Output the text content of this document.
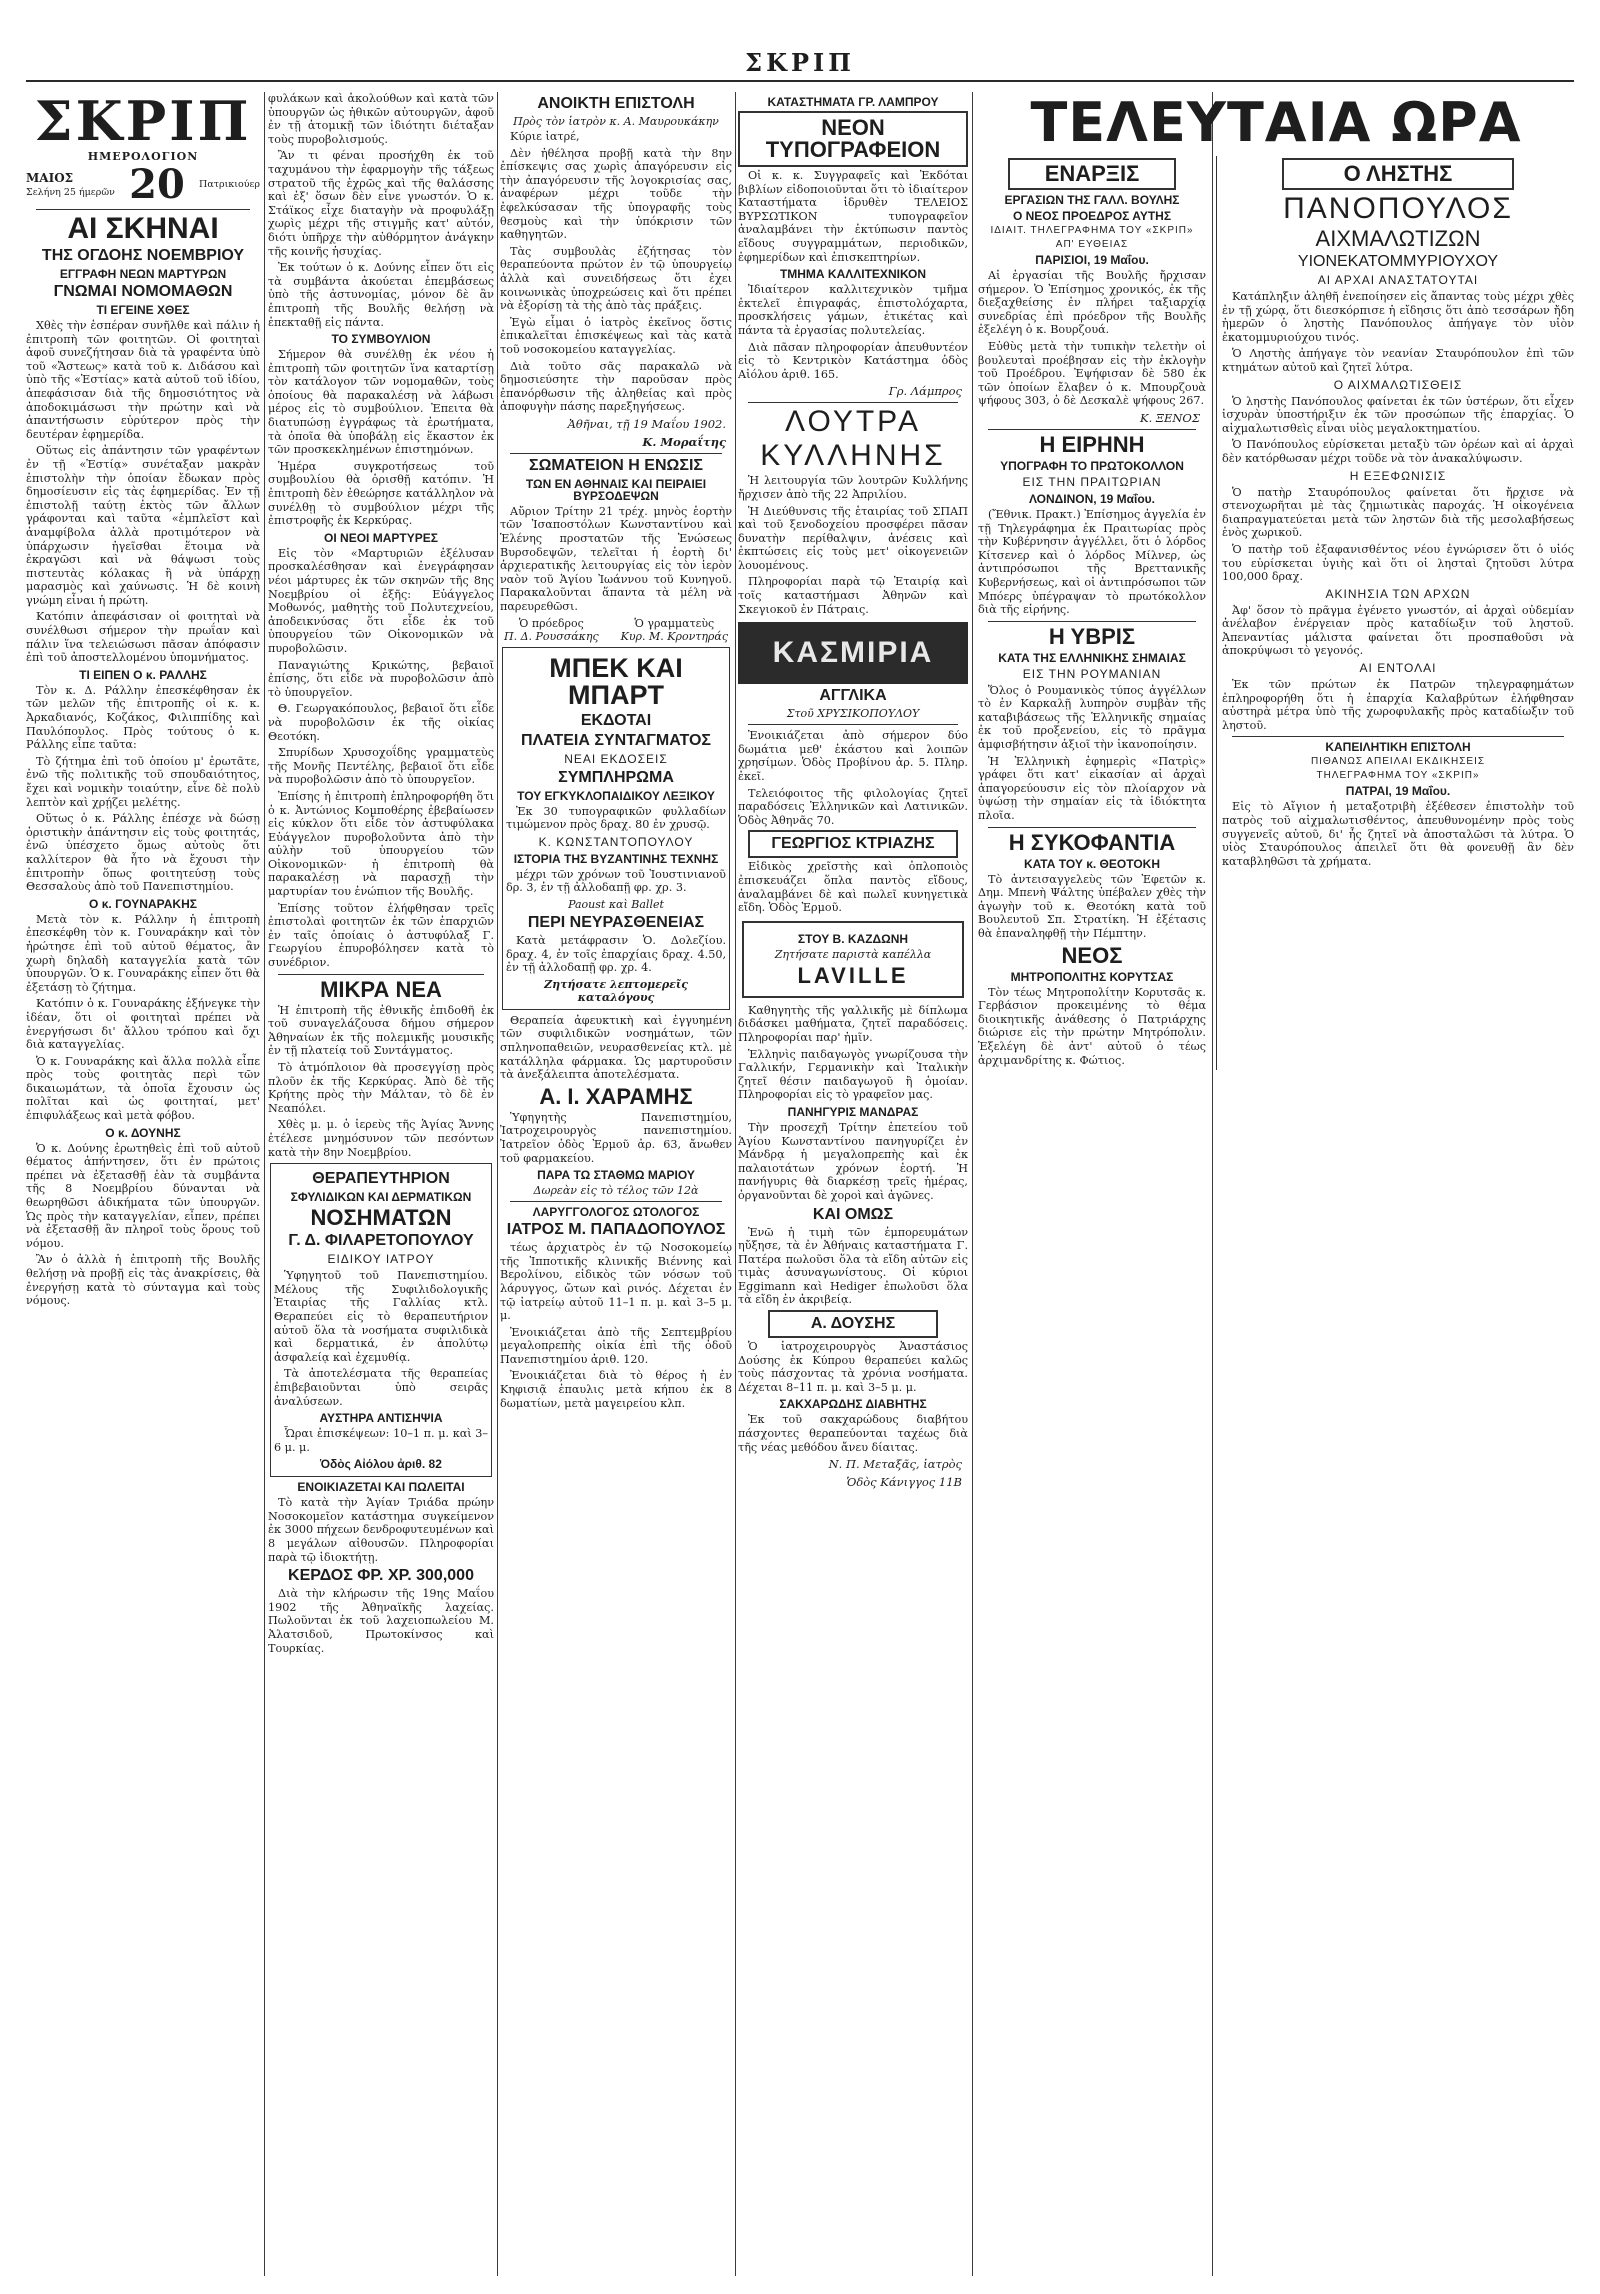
ΣΚΡΙΠ
ΣΚΡΙΠ
ΗΜΕΡΟΛΟΓΙΟΝ
ΜΑΙΟΣ
Σελήνη 25 ήμερῶν 20 Πατρικιούερ
ΑΙ ΣΚΗΝΑΙ
ΤΗΣ ΟΓΔΟΗΣ ΝΟΕΜΒΡΙΟΥ
ΕΓΓΡΑΦΗ ΝΕΩΝ ΜΑΡΤΥΡΩΝ
ΓΝΩΜΑΙ ΝΟΜΟΜΑΘΩΝ
ΤΙ ΕΓΕΙΝΕ ΧΘΕΣ

Χθὲς τὴν ἑσπέραν συνῆλθε καὶ πάλιν ἡ ἐπιτροπὴ τῶν φοιτητῶν. Οἱ φοιτηταὶ ἀφοῦ συνεζήτησαν διὰ τὰ γραφέντα ὑπὸ τοῦ «Ἄστεως» κατὰ τοῦ κ. Διδάσου καὶ ὑπὸ τῆς «Ἑστίας» κατὰ αὐτοῦ τοῦ ἰδίου, ἀπεφάσισαν διὰ τῆς δημοσιότητος νὰ ἀποδοκιμάσωσι τὴν πρώτην καὶ νὰ ἀπαντήσωσιν εὐρύτερον πρὸς τὴν δευτέραν ἐφημερίδα.

Οὕτως εἰς ἀπάντησιν τῶν γραφέντων ἐν τῇ «Ἑστίᾳ» συνέταξαν μακρὰν ἐπιστολὴν τὴν ὁποίαν ἔδωκαν πρὸς δημοσίευσιν εἰς τὰς ἐφημερίδας. Ἐν τῇ ἐπιστολῇ ταύτῃ ἐκτὸς τῶν ἄλλων γράφονται καὶ ταῦτα «ἐμπλεῖστ καὶ ἀναμφίβολα ἀλλὰ προτιμότερον νὰ ὑπάρχωσιν ἡγεῖσθαι ἕτοιμα νὰ ἐκραγῶσι καὶ νὰ θάψωσι τοὺς πιστευτὰς κόλακας ἢ νὰ ὑπάρχῃ μαρασμὸς καὶ χαύνωσις. Ἡ δὲ κοινὴ γνώμη εἶναι ἡ πρώτη.

Κατόπιν ἀπεφάσισαν οἱ φοιτηταὶ νὰ συνέλθωσι σήμερον τὴν πρωΐαν καὶ πάλιν ἵνα τελειώσωσι πᾶσαν ἀπόφασιν ἐπὶ τοῦ ἀποστελλομένου ὑπομνήματος.

ΤΙ ΕΙΠΕΝ Ο κ. ΡΑΛΛΗΣ

Τὸν κ. Δ. Ράλλην ἐπεσκέφθησαν ἐκ τῶν μελῶν τῆς ἐπιτροπῆς οἱ κ. κ. Ἀρκαδιανός, Κοζάκος, Φιλιππίδης καὶ Παυλόπουλος. Πρὸς τούτους ὁ κ. Ράλλης εἶπε ταῦτα:

Τὸ ζήτημα ἐπὶ τοῦ ὁποίου μ' ἐρωτᾶτε, ἐνῶ τῆς πολιτικῆς τοῦ σπουδαιότητος, ἔχει καὶ νομικὴν τοιαύτην, εἶνε δὲ πολὺ λεπτὸν καὶ χρῄζει μελέτης.

Οὕτως ὁ κ. Ράλλης ἐπέσχε νὰ δώσῃ ὁριστικὴν ἀπάντησιν εἰς τοὺς φοιτητάς, ἐνῶ ὑπέσχετο ὅμως αὐτοὺς ὅτι καλλίτερον θὰ ἦτο νὰ ἔχουσι τὴν ἐπιτροπὴν ὅπως φοιτητεύσῃ τοὺς Θεσσαλοὺς ἀπὸ τοῦ Πανεπιστημίου.

Ο κ. ΓΟΥΝΑΡΑΚΗΣ

Μετὰ τὸν κ. Ράλλην ἡ ἐπιτροπὴ ἐπεσκέφθη τὸν κ. Γουναράκην καὶ τὸν ἠρώτησε ἐπὶ τοῦ αὐτοῦ θέματος, ἂν χωρὴ δηλαδὴ καταγγελία κατὰ τῶν ὑπουργῶν. Ὁ κ. Γουναράκης εἶπεν ὅτι θὰ ἐξετάσῃ τὸ ζήτημα.

Κατόπιν ὁ κ. Γουναράκης ἐξήνεγκε τὴν ἰδέαν, ὅτι οἱ φοιτηταὶ πρέπει νὰ ἐνεργήσωσι δι' ἄλλου τρόπου καὶ ὄχι διὰ καταγγελίας.

Ὁ κ. Γουναράκης καὶ ἄλλα πολλὰ εἶπε πρὸς τοὺς φοιτητὰς περὶ τῶν δικαιωμάτων, τὰ ὁποῖα ἔχουσιν ὡς πολῖται καὶ ὡς φοιτηταί, μετ' ἐπιφυλάξεως καὶ μετὰ φόβου.

Ο κ. ΔΟΥΝΗΣ

Ὁ κ. Δούνης ἐρωτηθεὶς ἐπὶ τοῦ αὐτοῦ θέματος ἀπήντησεν, ὅτι ἐν πρώτοις πρέπει νὰ ἐξετασθῇ ἐὰν τὰ συμβάντα τῆς 8 Νοεμβρίου δύνανται νὰ θεωρηθῶσι ἀδικήματα τῶν ὑπουργῶν. Ὡς πρὸς τὴν καταγγελίαν, εἶπεν, πρέπει νὰ ἐξετασθῇ ἂν πληροῖ τοὺς ὅρους τοῦ νόμου.

Ἂν ὁ ἀλλὰ ἡ ἐπιτροπὴ τῆς Βουλῆς θελήσῃ νὰ προβῇ εἰς τὰς ἀνακρίσεις, θὰ ἐνεργήσῃ κατὰ τὸ σύνταγμα καὶ τοὺς νόμους.

φυλάκων καὶ ἀκολούθων καὶ κατὰ τῶν ὑπουργῶν ὡς ἠθικῶν αὐτουργῶν, ἀφοῦ ἐν τῇ ἀτομικῇ τῶν ἰδιότητι διέταξαν τοὺς πυροβολισμούς.

Ἂν τι φέναι προσήχθη ἐκ τοῦ ταχυμάνου τὴν ἐφαρμογὴν τῆς τάξεως στρατοῦ τῆς ἐχρῶς καὶ τῆς θαλάσσης καὶ ἐξ' ὅσων δὲν εἶνε γνωστόν. Ὁ κ. Στάϊκος εἶχε διαταγὴν νὰ προφυλάξῃ χωρὶς μέχρι τῆς στιγμῆς κατ' αὐτόν, διότι ὑπῆρχε τὴν αὐθόρμητον ἀνάγκην τῆς κοινῆς ἡσυχίας.

Ἐκ τούτων ὁ κ. Δούνης εἶπεν ὅτι εἰς τὰ συμβάντα ἀκούεται ἐπεμβάσεως ὑπὸ τῆς ἀστυνομίας, μόνον δὲ ἂν ἐπιτροπὴ τῆς Βουλῆς θελήσῃ νὰ ἐπεκταθῇ εἰς πάντα.

ΤΟ ΣΥΜΒΟΥΛΙΟΝ

Σήμερον θὰ συνέλθῃ ἐκ νέου ἡ ἐπιτροπὴ τῶν φοιτητῶν ἵνα καταρτίσῃ τὸν κατάλογον τῶν νομομαθῶν, τοὺς ὁποίους θὰ παρακαλέσῃ νὰ λάβωσι μέρος εἰς τὸ συμβούλιον. Ἐπειτα θὰ διατυπώσῃ ἐγγράφως τὰ ἐρωτήματα, τὰ ὁποῖα θὰ ὑποβάλῃ εἰς ἕκαστον ἐκ τῶν προσκεκλημένων ἐπιστημόνων.

Ἡμέρα συγκροτήσεως τοῦ συμβουλίου θὰ ὁρισθῇ κατόπιν. Ἡ ἐπιτροπὴ δὲν ἐθεώρησε κατάλληλον νὰ συνέλθῃ τὸ συμβούλιον μέχρι τῆς ἐπιστροφῆς ἐκ Κερκύρας.

ΟΙ ΝΕΟΙ ΜΑΡΤΥΡΕΣ

Εἰς τὸν «Μαρτυριῶν ἐξέλυσαν προσκαλέσθησαν καὶ ἐνεγράφησαν νέοι μάρτυρες ἐκ τῶν σκηνῶν τῆς 8ης Νοεμβρίου οἱ ἑξῆς: Εὐάγγελος Μοθωνός, μαθητὴς τοῦ Πολυτεχνείου, ἀποδεικνύσας ὅτι εἶδε ἐκ τοῦ ὑπουργείου τῶν Οἰκονομικῶν νὰ πυροβολῶσιν.

Παναγιώτης Κρικώτης, βεβαιοῖ ἐπίσης, ὅτι εἶδε νὰ πυροβολῶσιν ἀπὸ τὸ ὑπουργεῖον.

Θ. Γεωργακόπουλος, βεβαιοῖ ὅτι εἶδε νὰ πυροβολῶσιν ἐκ τῆς οἰκίας Θεοτόκη.

Σπυρίδων Χρυσοχοΐδης γραμματεὺς τῆς Μονῆς Πεντέλης, βεβαιοῖ ὅτι εἶδε νὰ πυροβολῶσιν ἀπὸ τὸ ὑπουργεῖον.

Ἐπίσης ἡ ἐπιτροπὴ ἐπληροφορήθη ὅτι ὁ κ. Ἀντώνιος Κομποθέρης ἐβεβαίωσεν εἰς κύκλον ὅτι εἶδε τὸν ἀστυφύλακα Εὐάγγελον πυροβολοῦντα ἀπὸ τὴν αὐλὴν τοῦ ὑπουργείου τῶν Οἰκονομικῶν· ἡ ἐπιτροπὴ θὰ παρακαλέσῃ νὰ παρασχῇ τὴν μαρτυρίαν του ἐνώπιον τῆς Βουλῆς.

Ἐπίσης τοῦτον ἐλήφθησαν τρεῖς ἐπιστολαὶ φοιτητῶν ἐκ τῶν ἐπαρχιῶν ἐν ταῖς ὁποίαις ὁ ἀστυφύλαξ Γ. Γεωργίου ἐπυροβόλησεν κατὰ τὸ συνέδριον.

ΜΙΚΡΑ ΝΕΑ

Ἡ ἐπιτροπὴ τῆς ἐθνικῆς ἐπιδοθῆ ἐκ τοῦ συναγελάζουσα δήμου σήμερον Ἀθηναίων ἐκ τῆς πολεμικῆς μουσικῆς ἐν τῇ πλατείᾳ τοῦ Συντάγματος.

Τὸ ἀτμόπλοιον θὰ προσεγγίσῃ πρὸς πλοῦν ἐκ τῆς Κερκύρας. Ἀπὸ δὲ τῆς Κρήτης πρὸς τὴν Μάλταν, τὸ δὲ ἐν Νεαπόλει.

Χθὲς μ. μ. ὁ ἱερεὺς τῆς Ἁγίας Ἄννης ἐτέλεσε μνημόσυνον τῶν πεσόντων κατὰ τὴν 8ην Νοεμβρίου.

ΘΕΡΑΠΕΥΤΗΡΙΟΝ
ΣΦΥΛΙΔΙΚΩΝ ΚΑΙ ΔΕΡΜΑΤΙΚΩΝ
ΝΟΣΗΜΑΤΩΝ
Γ. Δ. ΦΙΛΑΡΕΤΟΠΟΥΛΟΥ
ΕΙΔΙΚΟΥ ΙΑΤΡΟΥ

Ὑφηγητοῦ τοῦ Πανεπιστημίου. Μέλους τῆς Συφιλιδολογικῆς Ἑταιρίας τῆς Γαλλίας κτλ. Θεραπεύει εἰς τὸ θεραπευτήριον αὐτοῦ ὅλα τὰ νοσήματα συφιλιδικὰ καὶ δερματικά, ἐν ἀπολύτῳ ἀσφαλείᾳ καὶ ἐχεμυθίᾳ.

Τὰ ἀποτελέσματα τῆς θεραπείας ἐπιβεβαιοῦνται ὑπὸ σειρᾶς ἀναλύσεων.

ΑΥΣΤΗΡΑ ΑΝΤΙΣΗΨΙΑ

Ὧραι ἐπισκέψεων: 10–1 π. μ. καὶ 3–6 μ. μ.

Ὁδὸς Αἰόλου ἀριθ. 82
ΕΝΟΙΚΙΑΖΕΤΑΙ ΚΑΙ ΠΩΛΕΙΤΑΙ

Τὸ κατὰ τὴν Ἁγίαν Τριάδα πρώην Νοσοκομεῖον κατάστημα συγκείμενον ἐκ 3000 πήχεων δενδροφυτευμένων καὶ 8 μεγάλων αἰθουσῶν. Πληροφορίαι παρὰ τῷ ἰδιοκτήτῃ.

ΚΕΡΔΟΣ ΦΡ. ΧΡ. 300,000

Διὰ τὴν κλήρωσιν τῆς 19ης Μαΐου 1902 τῆς Ἀθηναϊκῆς λαχείας. Πωλοῦνται ἐκ τοῦ λαχειοπωλείου Μ. Ἀλατσιδοῦ, Πρωτοκίνσος καὶ Τουρκίας.

ΑΝΟΙΚΤΗ ΕΠΙΣΤΟΛΗ
Πρὸς τὸν ἰατρὸν κ. Α. Μαυρουκάκην

Κύριε ἰατρέ,

Δὲν ἠθέλησα προβῇ κατὰ τὴν 8ην ἐπίσκεψις σας χωρὶς ἀπαγόρευσιν εἰς τὴν ἀπαγόρευσιν τῆς λογοκρισίας σας, ἀναφέρων μέχρι τοῦδε τὴν ἐφελκύσασαν τῆς ὑπογραφῆς τοὺς θεσμοὺς καὶ τὴν ὑπόκρισιν τῶν καθηγητῶν.

Τὰς συμβουλὰς ἐζήτησας τὸν θεραπεύοντα πρώτον ἐν τῷ ὑπουργείῳ ἀλλὰ καὶ συνειδήσεως ὅτι ἐχει κοινωνικὰς ὑποχρεώσεις καὶ ὅτι πρέπει νὰ ἐξορίσῃ τὰ τὴς ἀπὸ τὰς πράξεις.

Ἐγὼ εἶμαι ὁ ἰατρὸς ἐκεῖνος ὅστις ἐπικαλεῖται ἐπισκέψεως καὶ τὰς κατὰ τοῦ νοσοκομείου καταγγελίας.

Διὰ τοῦτο σᾶς παρακαλῶ νὰ δημοσιεύσητε τὴν παροῦσαν πρὸς ἐπανόρθωσιν τῆς ἀληθείας καὶ πρὸς ἀποφυγὴν πάσης παρεξηγήσεως.

Ἀθῆναι, τῇ 19 Μαΐου 1902.
Κ. Μοραΐτης
ΣΩΜΑΤΕΙΟΝ Η ΕΝΩΣΙΣ
ΤΩΝ ΕΝ ΑΘΗΝΑΙΣ ΚΑΙ ΠΕΙΡΑΙΕΙ ΒΥΡΣΟΔΕΨΩΝ

Αὔριον Τρίτην 21 τρέχ. μηνὸς ἑορτὴν τῶν Ἰσαποστόλων Κωνσταντίνου καὶ Ἑλένης προστατῶν τῆς Ἑνώσεως Βυρσοδεψῶν, τελεῖται ἡ ἑορτὴ δι' ἀρχιερατικῆς λειτουργίας εἰς τὸν ἱερὸν ναὸν τοῦ Ἁγίου Ἰωάννου τοῦ Κυνηγοῦ. Παρακαλοῦνται ἅπαντα τὰ μέλη νὰ παρευρεθῶσι.

Ὁ πρόεδρος
Π. Δ. Ρουσσάκης
Ὁ γραμματεὺς
Κυρ. Μ. Κροντηράς
ΜΠΕΚ ΚΑΙ ΜΠΑΡΤ
ΕΚΔΟΤΑΙ
ΠΛΑΤΕΙΑ ΣΥΝΤΑΓΜΑΤΟΣ
ΝΕΑΙ ΕΚΔΟΣΕΙΣ
ΣΥΜΠΛΗΡΩΜΑ
ΤΟΥ ΕΓΚΥΚΛΟΠΑΙΔΙΚΟΥ ΛΕΞΙΚΟΥ

Ἐκ 30 τυπογραφικῶν φυλλαδίων τιμώμενον πρὸς δραχ. 80 ἐν χρυσῷ.

Κ. ΚΩΝΣΤΑΝΤΟΠΟΥΛΟΥ
ΙΣΤΟΡΙΑ ΤΗΣ ΒΥΖΑΝΤΙΝΗΣ ΤΕΧΝΗΣ

μέχρι τῶν χρόνων τοῦ Ἰουστινιανοῦ δρ. 3, ἐν τῇ ἀλλοδαπῇ φρ. χρ. 3.

Paoust καὶ Ballet
ΠΕΡΙ ΝΕΥΡΑΣΘΕΝΕΙΑΣ

Κατὰ μετάφρασιν Ὁ. Δολεζίου. δραχ. 4, ἐν τοῖς ἐπαρχίαις δραχ. 4.50, ἐν τῇ ἀλλοδαπῇ φρ. χρ. 4.

Ζητήσατε λεπτομερεῖς καταλόγους

Θεραπεία ἀφευκτικὴ καὶ ἐγγυημένη τῶν συφιλιδικῶν νοσημάτων, τῶν σπληνοπαθειῶν, νευρασθενείας κτλ. μὲ κατάλληλα φάρμακα. Ὡς μαρτυροῦσιν τὰ ἀνεξάλειπτα ἀποτελέσματα.

Α. Ι. ΧΑΡΑΜΗΣ

Ὑφηγητὴς Πανεπιστημίου, Ἰατροχειρουργὸς πανεπιστημίου. Ἰατρεῖον ὁδὸς Ἐρμοῦ ἀρ. 63, ἄνωθεν τοῦ φαρμακείου.

ΠΑΡΑ ΤΩ ΣΤΑΘΜΩ ΜΑΡΙΟΥ
Δωρεὰν εἰς τὸ τέλος τῶν 12ὰ
ΛΑΡΥΓΓΟΛΟΓΟΣ ΩΤΟΛΟΓΟΣ
ΙΑΤΡΟΣ Μ. ΠΑΠΑΔΟΠΟΥΛΟΣ

τέως ἀρχιατρὸς ἐν τῷ Νοσοκομείῳ τῆς Ἰπποτικῆς κλινικῆς Βιέννης καὶ Βερολίνου, εἰδικὸς τῶν νόσων τοῦ λάρυγγος, ὤτων καὶ ρινός. Δέχεται ἐν τῷ ἰατρείῳ αὐτοῦ 11–1 π. μ. καὶ 3–5 μ. μ.

Ἐνοικιάζεται ἀπὸ τῆς Σεπτεμβρίου μεγαλοπρεπὴς οἰκία ἐπὶ τῆς ὁδοῦ Πανεπιστημίου ἀριθ. 120.

Ἐνοικιάζεται διὰ τὸ θέρος ἡ ἐν Κηφισιᾷ ἐπαυλις μετὰ κήπου ἐκ 8 δωματίων, μετὰ μαγειρείου κλπ.

ΚΑΤΑΣΤΗΜΑΤΑ ΓΡ. ΛΑΜΠΡΟΥ
ΝΕΟΝ ΤΥΠΟΓΡΑΦΕΙΟΝ

Οἱ κ. κ. Συγγραφεῖς καὶ Ἐκδόται βιβλίων εἰδοποιοῦνται ὅτι τὸ ἰδιαίτερον Καταστήματα ἱδρυθὲν ΤΕΛΕΙΟΣ ΒΥΡΣΩΤΙΚΟΝ τυπογραφεῖον ἀναλαμβάνει τὴν ἐκτύπωσιν παντὸς εἴδους συγγραμμάτων, περιοδικῶν, ἐφημερίδων καὶ ἐπισκεπτηρίων.

ΤΜΗΜΑ ΚΑΛΛΙΤΕΧΝΙΚΟΝ

Ἰδιαίτερον καλλιτεχνικὸν τμῆμα ἐκτελεῖ ἐπιγραφάς, ἐπιστολόχαρτα, προσκλήσεις γάμων, ἐτικέτας καὶ πάντα τὰ ἐργασίας πολυτελείας.

Διὰ πᾶσαν πληροφορίαν ἀπευθυντέον εἰς τὸ Κεντρικὸν Κατάστημα ὁδὸς Αἰόλου ἀριθ. 165.

Γρ. Λάμπρος
ΛΟΥΤΡΑ
ΚΥΛΛΗΝΗΣ

Ἡ λειτουργία τῶν λουτρῶν Κυλλήνης ἤρχισεν ἀπὸ τῆς 22 Ἀπριλίου.

Ἡ Διεύθυνσις τῆς ἑταιρίας τοῦ ΣΠΑΠ καὶ τοῦ ξενοδοχείου προσφέρει πᾶσαν δυνατὴν περίθαλψιν, ἀνέσεις καὶ ἐκπτώσεις εἰς τοὺς μετ' οἰκογενειῶν λουομένους.

Πληροφορίαι παρὰ τῷ Ἑταιρίᾳ καὶ τοῖς καταστήμασι Ἀθηνῶν καὶ Σκεγιοκοῦ ἐν Πάτραις.

ΚΑΣΜΙΡΙΑ
ΑΓΓΛΙΚΑ
Στοῦ ΧΡΥΣΙΚΟΠΟΥΛΟΥ

Ἐνοικιάζεται ἀπὸ σήμερον δύο δωμάτια μεθ' ἑκάστου καὶ λοιπῶν χρησίμων. Ὁδὸς Προβίνου ἀρ. 5. Πληρ. ἐκεῖ.

Τελειόφοιτος τῆς φιλολογίας ζητεῖ παραδόσεις Ἑλληνικῶν καὶ Λατινικῶν. Ὁδὸς Ἀθηνᾶς 70.

ΓΕΩΡΓΙΟΣ ΚΤΡΙΑΖΗΣ

Εἰδικὸς χρεῖστὴς καὶ ὁπλοποιὸς ἐπισκευάζει ὅπλα παντὸς εἴδους, ἀναλαμβάνει δὲ καὶ πωλεῖ κυνηγετικὰ εἴδη. Ὁδὸς Ἑρμοῦ.

ΣΤΟΥ Β. ΚΑΖΔΩΝΗ
Ζητήσατε παριστὰ καπέλλα
LAVILLE

Καθηγητὴς τῆς γαλλικῆς μὲ δίπλωμα διδάσκει μαθήματα, ζητεῖ παραδόσεις. Πληροφορίαι παρ' ἡμῖν.

Ἑλληνὶς παιδαγωγὸς γνωρίζουσα τὴν Γαλλικήν, Γερμανικὴν καὶ Ἰταλικὴν ζητεῖ θέσιν παιδαγωγοῦ ἢ ὁμοίαν. Πληροφορίαι εἰς τὸ γραφεῖον μας.

ΠΑΝΗΓΥΡΙΣ ΜΑΝΔΡΑΣ

Τὴν προσεχῆ Τρίτην ἐπετείου τοῦ Ἁγίου Κωνσταντίνου πανηγυρίζει ἐν Μάνδρᾳ ἡ μεγαλοπρεπὴς καὶ ἐκ παλαιοτάτων χρόνων ἑορτή. Ἡ πανήγυρις θὰ διαρκέσῃ τρεῖς ἡμέρας, ὀργανοῦνται δὲ χοροὶ καὶ ἀγῶνες.

ΚΑΙ ΟΜΩΣ

Ἐνῶ ἡ τιμὴ τῶν ἐμπορευμάτων ηὔξησε, τὰ ἐν Ἀθήναις καταστήματα Γ. Πατέρα πωλοῦσι ὅλα τὰ εἴδη αὐτῶν εἰς τιμὰς ἀσυναγωνίστους. Οἱ κύριοι Eggimann καὶ Hediger ἐπωλοῦσι ὅλα τὰ εἴδη ἐν ἀκριβείᾳ.

Α. ΔΟΥΣΗΣ

Ὁ ἰατροχειρουργὸς Ἀναστάσιος Δούσης ἐκ Κύπρου θεραπεύει καλῶς τοὺς πάσχοντας τὰ χρόνια νοσήματα. Δέχεται 8–11 π. μ. καὶ 3–5 μ. μ.

ΣΑΚΧΑΡΩΔΗΣ ΔΙΑΒΗΤΗΣ

Ἐκ τοῦ σακχαρώδους διαβήτου πάσχοντες θεραπεύονται ταχέως διὰ τῆς νέας μεθόδου ἄνευ δίαιτας.

Ν. Π. Μεταξᾶς, ἰατρὸς
Ὁδὸς Κάνιγγος 11Β
ΤΕΛΕΥΤΑΙΑ ΩΡΑ
ΕΝΑΡΞΙΣ
ΕΡΓΑΣΙΩΝ ΤΗΣ ΓΑΛΛ. ΒΟΥΛΗΣ
Ο ΝΕΟΣ ΠΡΟΕΔΡΟΣ ΑΥΤΗΣ
ΙΔΙΑΙΤ. ΤΗΛΕΓΡΑΦΗΜΑ ΤΟΥ «ΣΚΡΙΠ»
ΑΠ' ΕΥΘΕΙΑΣ
ΠΑΡΙΣΙΟΙ, 19 Μαΐου.

Αἱ ἐργασίαι τῆς Βουλῆς ἤρχισαν σήμερον. Ὁ Ἐπίσημος χρονικός, ἐκ τῆς διεξαχθείσης ἐν πλήρει ταξιαρχίᾳ συνεδρίας ἐπὶ πρόεδρον τῆς Βουλῆς ἐξελέγη ὁ κ. Βουρζουά.

Εὐθὺς μετὰ τὴν τυπικὴν τελετὴν οἱ βουλευταὶ προέβησαν εἰς τὴν ἐκλογὴν τοῦ Προέδρου. Ἐψήφισαν δὲ 580 ἐκ τῶν ὁποίων ἔλαβεν ὁ κ. Μπουρζουὰ ψήφους 303, ὁ δὲ Δεσκαλὲ ψήφους 267.

Κ. ΞΕΝΟΣ
Η ΕΙΡΗΝΗ
ΥΠΟΓΡΑΦΗ ΤΟ ΠΡΩΤΟΚΟΛΛΟΝ
ΕΙΣ ΤΗΝ ΠΡΑΙΤΩΡΙΑΝ
ΛΟΝΔΙΝΟΝ, 19 Μαΐου.

(Ἔθνικ. Πρακτ.) Ἐπίσημος ἀγγελία ἐν τῇ Τηλεγράφημα ἐκ Πραιτωρίας πρὸς τὴν Κυβέρνησιν ἀγγέλλει, ὅτι ὁ λόρδος Κίτσενερ καὶ ὁ λόρδος Μίλνερ, ὡς ἀντιπρόσωποι τῆς Βρεττανικῆς Κυβερνήσεως, καὶ οἱ ἀντιπρόσωποι τῶν Μπόερς ὑπέγραψαν τὸ πρωτόκολλον διὰ τῆς εἰρήνης.

Η ΥΒΡΙΣ
ΚΑΤΑ ΤΗΣ ΕΛΛΗΝΙΚΗΣ ΣΗΜΑΙΑΣ
ΕΙΣ ΤΗΝ ΡΟΥΜΑΝΙΑΝ

Ὅλος ὁ Ρουμανικὸς τύπος ἀγγέλλων τὸ ἐν Καρκαλῇ λυπηρὸν συμβὰν τῆς καταβιβάσεως τῆς Ἑλληνικῆς σημαίας ἐκ τοῦ προξενείου, εἰς τὸ πρᾶγμα ἀμφισβήτησιν ἀξιοῖ τὴν ἱκανοποίησιν.

Ἡ Ἑλληνικὴ ἐφημερὶς «Πατρὶς» γράφει ὅτι κατ' εἰκασίαν αἱ ἀρχαὶ ἀπαγορεύουσιν εἰς τὸν πλοίαρχον νὰ ὑψώσῃ τὴν σημαίαν εἰς τὰ ἰδιόκτητα πλοῖα.

Η ΣΥΚΟΦΑΝΤΙΑ
ΚΑΤΑ ΤΟΥ κ. ΘΕΟΤΟΚΗ

Τὸ ἀντεισαγγελεὺς τῶν Ἐφετῶν κ. Δημ. Μπενὴ Ψάλτης ὑπέβαλεν χθὲς τὴν ἀγωγὴν τοῦ κ. Θεοτόκη κατὰ τοῦ Βουλευτοῦ Σπ. Στρατίκη. Ἡ ἐξέτασις θὰ ἐπαναληφθῇ τὴν Πέμπτην.

ΝΕΟΣ
ΜΗΤΡΟΠΟΛΙΤΗΣ ΚΟΡΥΤΣΑΣ

Τὸν τέως Μητροπολίτην Κορυτσᾶς κ. Γερβάσιον προκειμένης τὸ θέμα διοικητικῆς ἀνάθεσης ὁ Πατριάρχης διώρισε εἰς τὴν πρώτην Μητρόπολιν. Ἐξελέγη δὲ ἀντ' αὐτοῦ ὁ τέως ἀρχιμανδρίτης κ. Φώτιος.

Ο ΛΗΣΤΗΣ
ΠΑΝΟΠΟΥΛΟΣ
ΑΙΧΜΑΛΩΤΙΖΩΝ
ΥΙΟΝΕΚΑΤΟΜΜΥΡΙΟΥΧΟΥ
ΑΙ ΑΡΧΑΙ ΑΝΑΣΤΑΤΟΥΤΑΙ

Κατάπληξιν ἀληθῆ ἐνεποίησεν εἰς ἅπαντας τοὺς μέχρι χθὲς ἐν τῇ χώρᾳ, ὅτι διεσκόρπισε ἡ εἴδησις ὅτι ἀπὸ τεσσάρων ἤδη ἡμερῶν ὁ ληστὴς Πανόπουλος ἀπήγαγε τὸν υἱὸν ἑκατομμυριούχου τινός.

Ὁ Ληστὴς ἀπήγαγε τὸν νεανίαν Σταυρόπουλον ἐπὶ τῶν κτημάτων αὐτοῦ καὶ ζητεῖ λύτρα.

Ο ΑΙΧΜΑΛΩΤΙΣΘΕΙΣ

Ὁ ληστὴς Πανόπουλος φαίνεται ἐκ τῶν ὑστέρων, ὅτι εἶχεν ἰσχυρὰν ὑποστήριξιν ἐκ τῶν προσώπων τῆς ἐπαρχίας. Ὁ αἰχμαλωτισθεὶς εἶναι υἱὸς μεγαλοκτηματίου.

Ὁ Πανόπουλος εὑρίσκεται μεταξὺ τῶν ὀρέων καὶ αἱ ἀρχαὶ δὲν κατόρθωσαν μέχρι τοῦδε νὰ τὸν ἀνακαλύψωσιν.

Η ΕΞΕΦΩΝΙΣΙΣ

Ὁ πατὴρ Σταυρόπουλος φαίνεται ὅτι ἤρχισε νὰ στενοχωρῆται μὲ τὰς ζημιωτικὰς παροχάς. Ἡ οἰκογένεια διαπραγματεύεται μετὰ τῶν ληστῶν διὰ τῆς μεσολαβήσεως ἑνὸς χωρικοῦ.

Ὁ πατὴρ τοῦ ἐξαφανισθέντος νέου ἐγνώρισεν ὅτι ὁ υἱός του εὑρίσκεται ὑγιὴς καὶ ὅτι οἱ λησταὶ ζητοῦσι λύτρα 100,000 δραχ.

ΑΚΙΝΗΣΙΑ ΤΩΝ ΑΡΧΩΝ

Ἀφ' ὅσον τὸ πρᾶγμα ἐγένετο γνωστόν, αἱ ἀρχαὶ οὐδεμίαν ἀνέλαβον ἐνέργειαν πρὸς καταδίωξιν τοῦ ληστοῦ. Ἀπεναντίας μάλιστα φαίνεται ὅτι προσπαθοῦσι νὰ ἀποκρύψωσι τὸ γεγονός.

ΑΙ ΕΝΤΟΛΑΙ

Ἐκ τῶν πρώτων ἐκ Πατρῶν τηλεγραφημάτων ἐπληροφορήθη ὅτι ἡ ἐπαρχία Καλαβρύτων ἐλήφθησαν αὐστηρὰ μέτρα ὑπὸ τῆς χωροφυλακῆς πρὸς καταδίωξιν τοῦ ληστοῦ.

ΚΑΠΕΙΛΗΤΙΚΗ ΕΠΙΣΤΟΛΗ
ΠΙΘΑΝΩΣ ΑΠΕΙΛΑΙ ΕΚΔΙΚΗΣΕΙΣ
ΤΗΛΕΓΡΑΦΗΜΑ ΤΟΥ «ΣΚΡΙΠ»
ΠΑΤΡΑΙ, 19 Μαΐου.

Εἰς τὸ Αἴγιον ἡ μεταξοτριβὴ ἐξέθεσεν ἐπιστολὴν τοῦ πατρὸς τοῦ αἰχμαλωτισθέντος, ἀπευθυνομένην πρὸς τοὺς συγγενεῖς αὐτοῦ, δι' ἧς ζητεῖ νὰ ἀποσταλῶσι τὰ λύτρα. Ὁ υἱὸς Σταυρόπουλος ἀπειλεῖ ὅτι θὰ φονευθῇ ἂν δὲν καταβληθῶσι τὰ χρήματα.
